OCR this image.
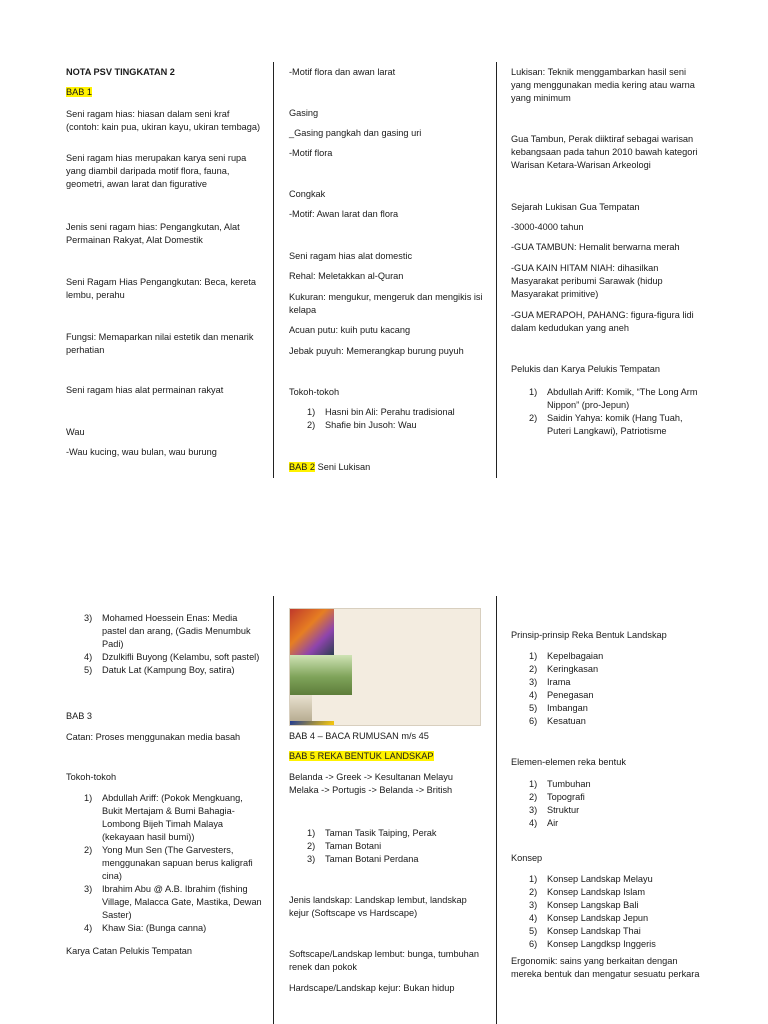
NOTA PSV TINGKATAN 2

BAB 1

Seni ragam hias: hiasan dalam seni kraf (contoh: kain pua, ukiran kayu, ukiran tembaga)

Seni ragam hias merupakan karya seni rupa yang diambil daripada motif flora, fauna, geometri, awan larat dan figurative

Jenis seni ragam hias: Pengangkutan, Alat Permainan Rakyat, Alat Domestik

Seni Ragam Hias Pengangkutan: Beca, kereta lembu, perahu

Fungsi: Memaparkan nilai estetik dan menarik perhatian

Seni ragam hias alat permainan rakyat

Wau

-Wau kucing, wau bulan, wau burung

-Motif flora dan awan larat

Gasing

_Gasing pangkah dan gasing uri

-Motif flora

Congkak

-Motif: Awan larat dan flora

Seni ragam hias alat domestic

Rehal: Meletakkan al-Quran

Kukuran: mengukur, mengeruk dan mengikis isi kelapa

Acuan putu: kuih putu kacang

Jebak puyuh: Memerangkap burung puyuh

Tokoh-tokoh

1) Hasni bin Ali: Perahu tradisional
2) Shafie bin Jusoh: Wau

BAB 2 Seni Lukisan

Lukisan: Teknik menggambarkan hasil seni yang menggunakan media kering atau warna yang minimum

Gua Tambun, Perak diiktiraf sebagai warisan kebangsaan pada tahun 2010 bawah kategori Warisan Ketara-Warisan Arkeologi

Sejarah Lukisan Gua Tempatan

-3000-4000 tahun

-GUA TAMBUN: Hemalit berwarna merah

-GUA KAIN HITAM NIAH: dihasilkan Masyarakat peribumi Sarawak (hidup Masyarakat primitive)

-GUA MERAPOH, PAHANG: figura-figura lidi dalam kedudukan yang aneh

Pelukis dan Karya Pelukis Tempatan

1) Abdullah Ariff: Komik, “The Long Arm Nippon” (pro-Jepun)
2) Saidin Yahya: komik (Hang Tuah, Puteri Langkawi), Patriotisme
3) Mohamed Hoessein Enas: Media pastel dan arang, (Gadis Menumbuk Padi)
4) Dzulkifli Buyong (Kelambu, soft pastel)
5) Datuk Lat (Kampung Boy, satira)

BAB 3

Catan: Proses menggunakan media basah

Tokoh-tokoh

1) Abdullah Ariff: (Pokok Mengkuang, Bukit Mertajam & Bumi Bahagia-Lombong Bijeh Timah Malaya (kekayaan hasil bumi))
2) Yong Mun Sen (The Garvesters, menggunakan sapuan berus kaligrafi cina)
3) Ibrahim Abu @ A.B. Ibrahim (fishing Village, Malacca Gate, Mastika, Dewan Saster)
4) Khaw Sia: (Bunga canna)

Karya Catan Pelukis Tempatan

BAB 4 – BACA RUMUSAN m/s 45

BAB 5 REKA BENTUK LANDSKAP

Belanda -> Greek -> Kesultanan Melayu Melaka -> Portugis -> Belanda -> British

1) Taman Tasik Taiping, Perak
2) Taman Botani
3) Taman Botani Perdana

Jenis landskap: Landskap lembut, landskap kejur (Softscape vs Hardscape)

Softscape/Landskap lembut: bunga, tumbuhan renek dan pokok

Hardscape/Landskap kejur: Bukan hidup

Prinsip-prinsip Reka Bentuk Landskap

1) Kepelbagaian
2) Keringkasan
3) Irama
4) Penegasan
5) Imbangan
6) Kesatuan

Elemen-elemen reka bentuk

1) Tumbuhan
2) Topografi
3) Struktur
4) Air

Konsep

1) Konsep Landskap Melayu
2) Konsep Landskap Islam
3) Konsep Langskap Bali
4) Konsep Landskap Jepun
5) Konsep Landskap Thai
6) Konsep Langdksp Inggeris

Ergonomik: sains yang berkaitan dengan mereka bentuk dan mengatur sesuatu perkara
